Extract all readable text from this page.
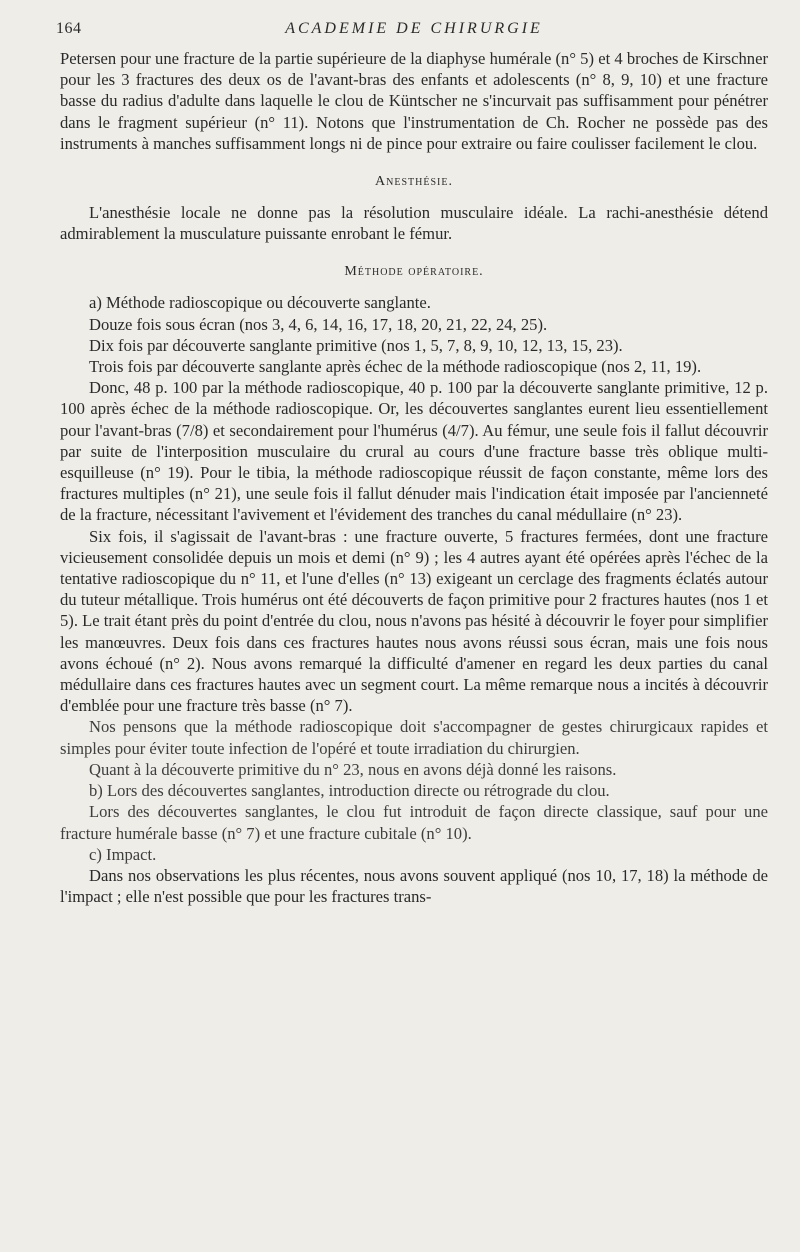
164	ACADEMIE DE CHIRURGIE

Petersen pour une fracture de la partie supérieure de la diaphyse humérale (n° 5) et 4 broches de Kirschner pour les 3 fractures des deux os de l'avant-bras des enfants et adolescents (n° 8, 9, 10) et une fracture basse du radius d'adulte dans laquelle le clou de Küntscher ne s'incurvait pas suffisamment pour pénétrer dans le fragment supérieur (n° 11). Notons que l'instrumentation de Ch. Rocher ne possède pas des instruments à manches suffisamment longs ni de pince pour extraire ou faire coulisser facilement le clou.

Anesthésie.

L'anesthésie locale ne donne pas la résolution musculaire idéale. La rachi-anesthésie détend admirablement la musculature puissante enrobant le fémur.

Méthode opératoire.

a) Méthode radioscopique ou découverte sanglante.

Douze fois sous écran (nos 3, 4, 6, 14, 16, 17, 18, 20, 21, 22, 24, 25).

Dix fois par découverte sanglante primitive (nos 1, 5, 7, 8, 9, 10, 12, 13, 15, 23).

Trois fois par découverte sanglante après échec de la méthode radioscopique (nos 2, 11, 19).

Donc, 48 p. 100 par la méthode radioscopique, 40 p. 100 par la découverte sanglante primitive, 12 p. 100 après échec de la méthode radioscopique. Or, les découvertes sanglantes eurent lieu essentiellement pour l'avant-bras (7/8) et secondairement pour l'humérus (4/7). Au fémur, une seule fois il fallut découvrir par suite de l'interposition musculaire du crural au cours d'une fracture basse très oblique multi-esquilleuse (n° 19). Pour le tibia, la méthode radioscopique réussit de façon constante, même lors des fractures multiples (n° 21), une seule fois il fallut dénuder mais l'indication était imposée par l'ancienneté de la fracture, nécessitant l'avivement et l'évidement des tranches du canal médullaire (n° 23).

Six fois, il s'agissait de l'avant-bras : une fracture ouverte, 5 fractures fermées, dont une fracture vicieusement consolidée depuis un mois et demi (n° 9) ; les 4 autres ayant été opérées après l'échec de la tentative radioscopique du n° 11, et l'une d'elles (n° 13) exigeant un cerclage des fragments éclatés autour du tuteur métallique. Trois humérus ont été découverts de façon primitive pour 2 fractures hautes (nos 1 et 5). Le trait étant près du point d'entrée du clou, nous n'avons pas hésité à découvrir le foyer pour simplifier les manœuvres. Deux fois dans ces fractures hautes nous avons réussi sous écran, mais une fois nous avons échoué (n° 2). Nous avons remarqué la difficulté d'amener en regard les deux parties du canal médullaire dans ces fractures hautes avec un segment court. La même remarque nous a incités à découvrir d'emblée pour une fracture très basse (n° 7).

Nos pensons que la méthode radioscopique doit s'accompagner de gestes chirurgicaux rapides et simples pour éviter toute infection de l'opéré et toute irradiation du chirurgien.

Quant à la découverte primitive du n° 23, nous en avons déjà donné les raisons.

b) Lors des découvertes sanglantes, introduction directe ou rétrograde du clou.

Lors des découvertes sanglantes, le clou fut introduit de façon directe classique, sauf pour une fracture humérale basse (n° 7) et une fracture cubitale (n° 10).

c) Impact.

Dans nos observations les plus récentes, nous avons souvent appliqué (nos 10, 17, 18) la méthode de l'impact ; elle n'est possible que pour les fractures trans-
